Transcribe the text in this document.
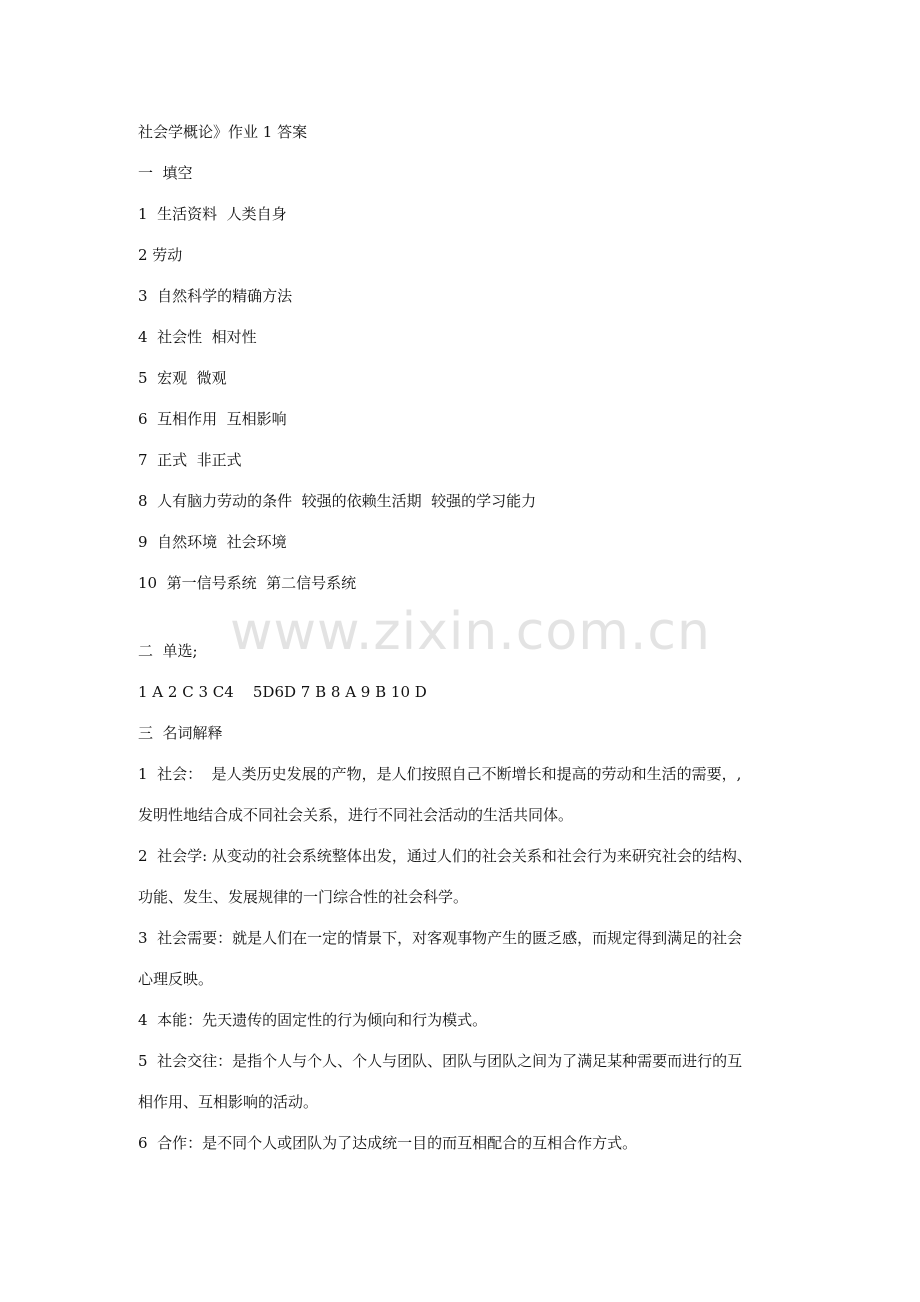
社会学概论》作业 1 答案
一  填空
1  生活资料  人类自身
2 劳动
3  自然科学的精确方法
4  社会性  相对性
5  宏观  微观
6  互相作用  互相影响
7  正式  非正式
8  人有脑力劳动的条件  较强的依赖生活期  较强的学习能力
9  自然环境  社会环境
10  第一信号系统  第二信号系统
www.zixin.com.cn
二  单选;
1 A 2 C 3 C4    5D6D 7 B 8 A 9 B 10 D
三  名词解释
1  社会：  是人类历史发展的产物，是人们按照自己不断增长和提高的劳动和生活的需要，,
发明性地结合成不同社会关系，进行不同社会活动的生活共同体。
2  社会学: 从变动的社会系统整体出发，通过人们的社会关系和社会行为来研究社会的结构、
功能、发生、发展规律的一门综合性的社会科学。
3  社会需要：就是人们在一定的情景下，对客观事物产生的匮乏感，而规定得到满足的社会
心理反映。
4  本能：先天遗传的固定性的行为倾向和行为模式。
5  社会交往：是指个人与个人、个人与团队、团队与团队之间为了满足某种需要而进行的互
相作用、互相影响的活动。
6  合作：是不同个人或团队为了达成统一目的而互相配合的互相合作方式。
